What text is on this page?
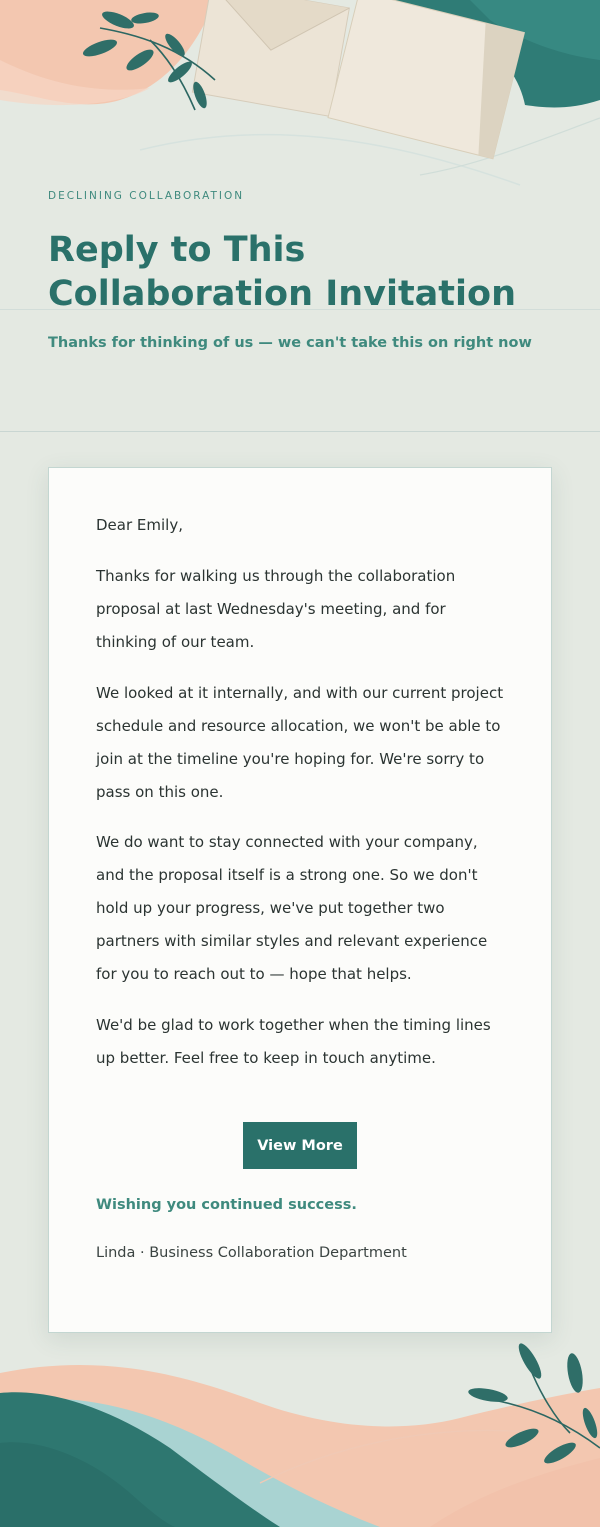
DECLINING COLLABORATION
Reply to This Collaboration Invitation
Thanks for thinking of us — we can't take this on right now
Dear Emily,
Thanks for walking us through the collaboration proposal at last Wednesday's meeting, and for thinking of our team.
We looked at it internally, and with our current project schedule and resource allocation, we won't be able to join at the timeline you're hoping for. We're sorry to pass on this one.
We do want to stay connected with your company, and the proposal itself is a strong one. So we don't hold up your progress, we've put together two partners with similar styles and relevant experience for you to reach out to — hope that helps.
We'd be glad to work together when the timing lines up better. Feel free to keep in touch anytime.
View More
Wishing you continued success.
Linda · Business Collaboration Department
